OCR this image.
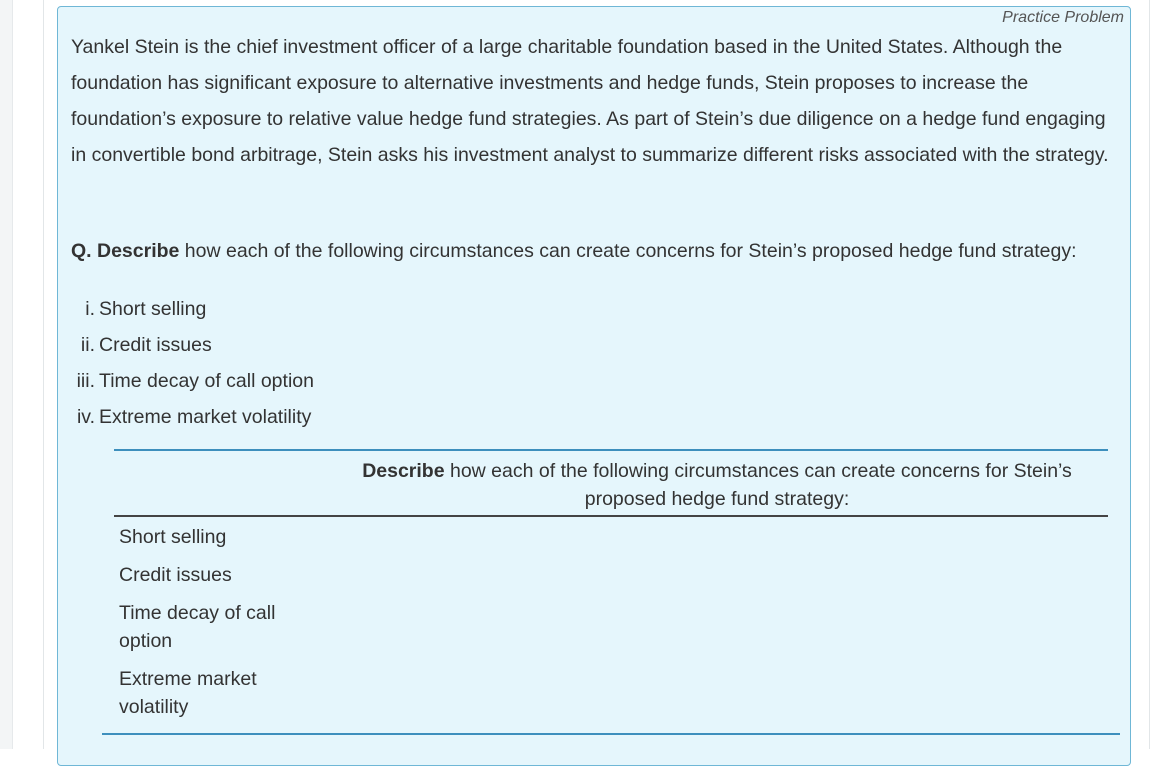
Practice Problem

Yankel Stein is the chief investment officer of a large charitable foundation based in the United States. Although the foundation has significant exposure to alternative investments and hedge funds, Stein proposes to increase the foundation’s exposure to relative value hedge fund strategies. As part of Stein’s due diligence on a hedge fund engaging in convertible bond arbitrage, Stein asks his investment analyst to summarize different risks associated with the strategy.

Q. Describe how each of the following circumstances can create concerns for Stein’s proposed hedge fund strategy:

i. Short selling
ii. Credit issues
iii. Time decay of call option
iv. Extreme market volatility
Describe how each of the following circumstances can create concerns for Stein’s proposed hedge fund strategy:
Short selling
Credit issues
Time decay of call
option
Extreme market
volatility
